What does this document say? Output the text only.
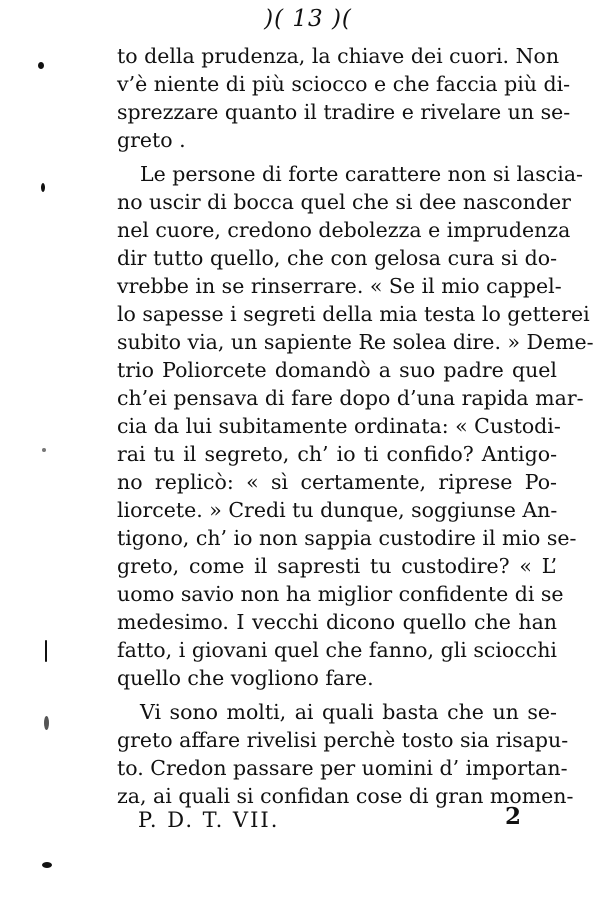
)( 13 )(
to della prudenza, la chiave dei cuori. Non
v’è niente di più sciocco e che faccia più di-
sprezzare quanto il tradire e rivelare un se-
greto .
Le persone di forte carattere non si lascia-
no uscir di bocca quel che si dee nasconder
nel cuore, credono debolezza e imprudenza
dir tutto quello, che con gelosa cura si do-
vrebbe in se rinserrare. « Se il mio cappel-
lo sapesse i segreti della mia testa lo getterei
subito via, un sapiente Re solea dire. » Deme-
trio Poliorcete domandò a suo padre quel
ch’ei pensava di fare dopo d’una rapida mar-
cia da lui subitamente ordinata: « Custodi-
rai tu il segreto, ch’ io ti confido? Antigo-
no replicò: « sì certamente, riprese Po-
liorcete. » Credi tu dunque, soggiunse An-
tigono, ch’ io non sappia custodire il mio se-
greto, come il sapresti tu custodire? « L’
uomo savio non ha miglior confidente di se
medesimo. I vecchi dicono quello che han
fatto, i giovani quel che fanno, gli sciocchi
quello che vogliono fare.
Vi sono molti, ai quali basta che un se-
greto affare rivelisi perchè tosto sia risapu-
to. Credon passare per uomini d’ importan-
za, ai quali si confidan cose di gran momen-
P. D. T. VII.	2
